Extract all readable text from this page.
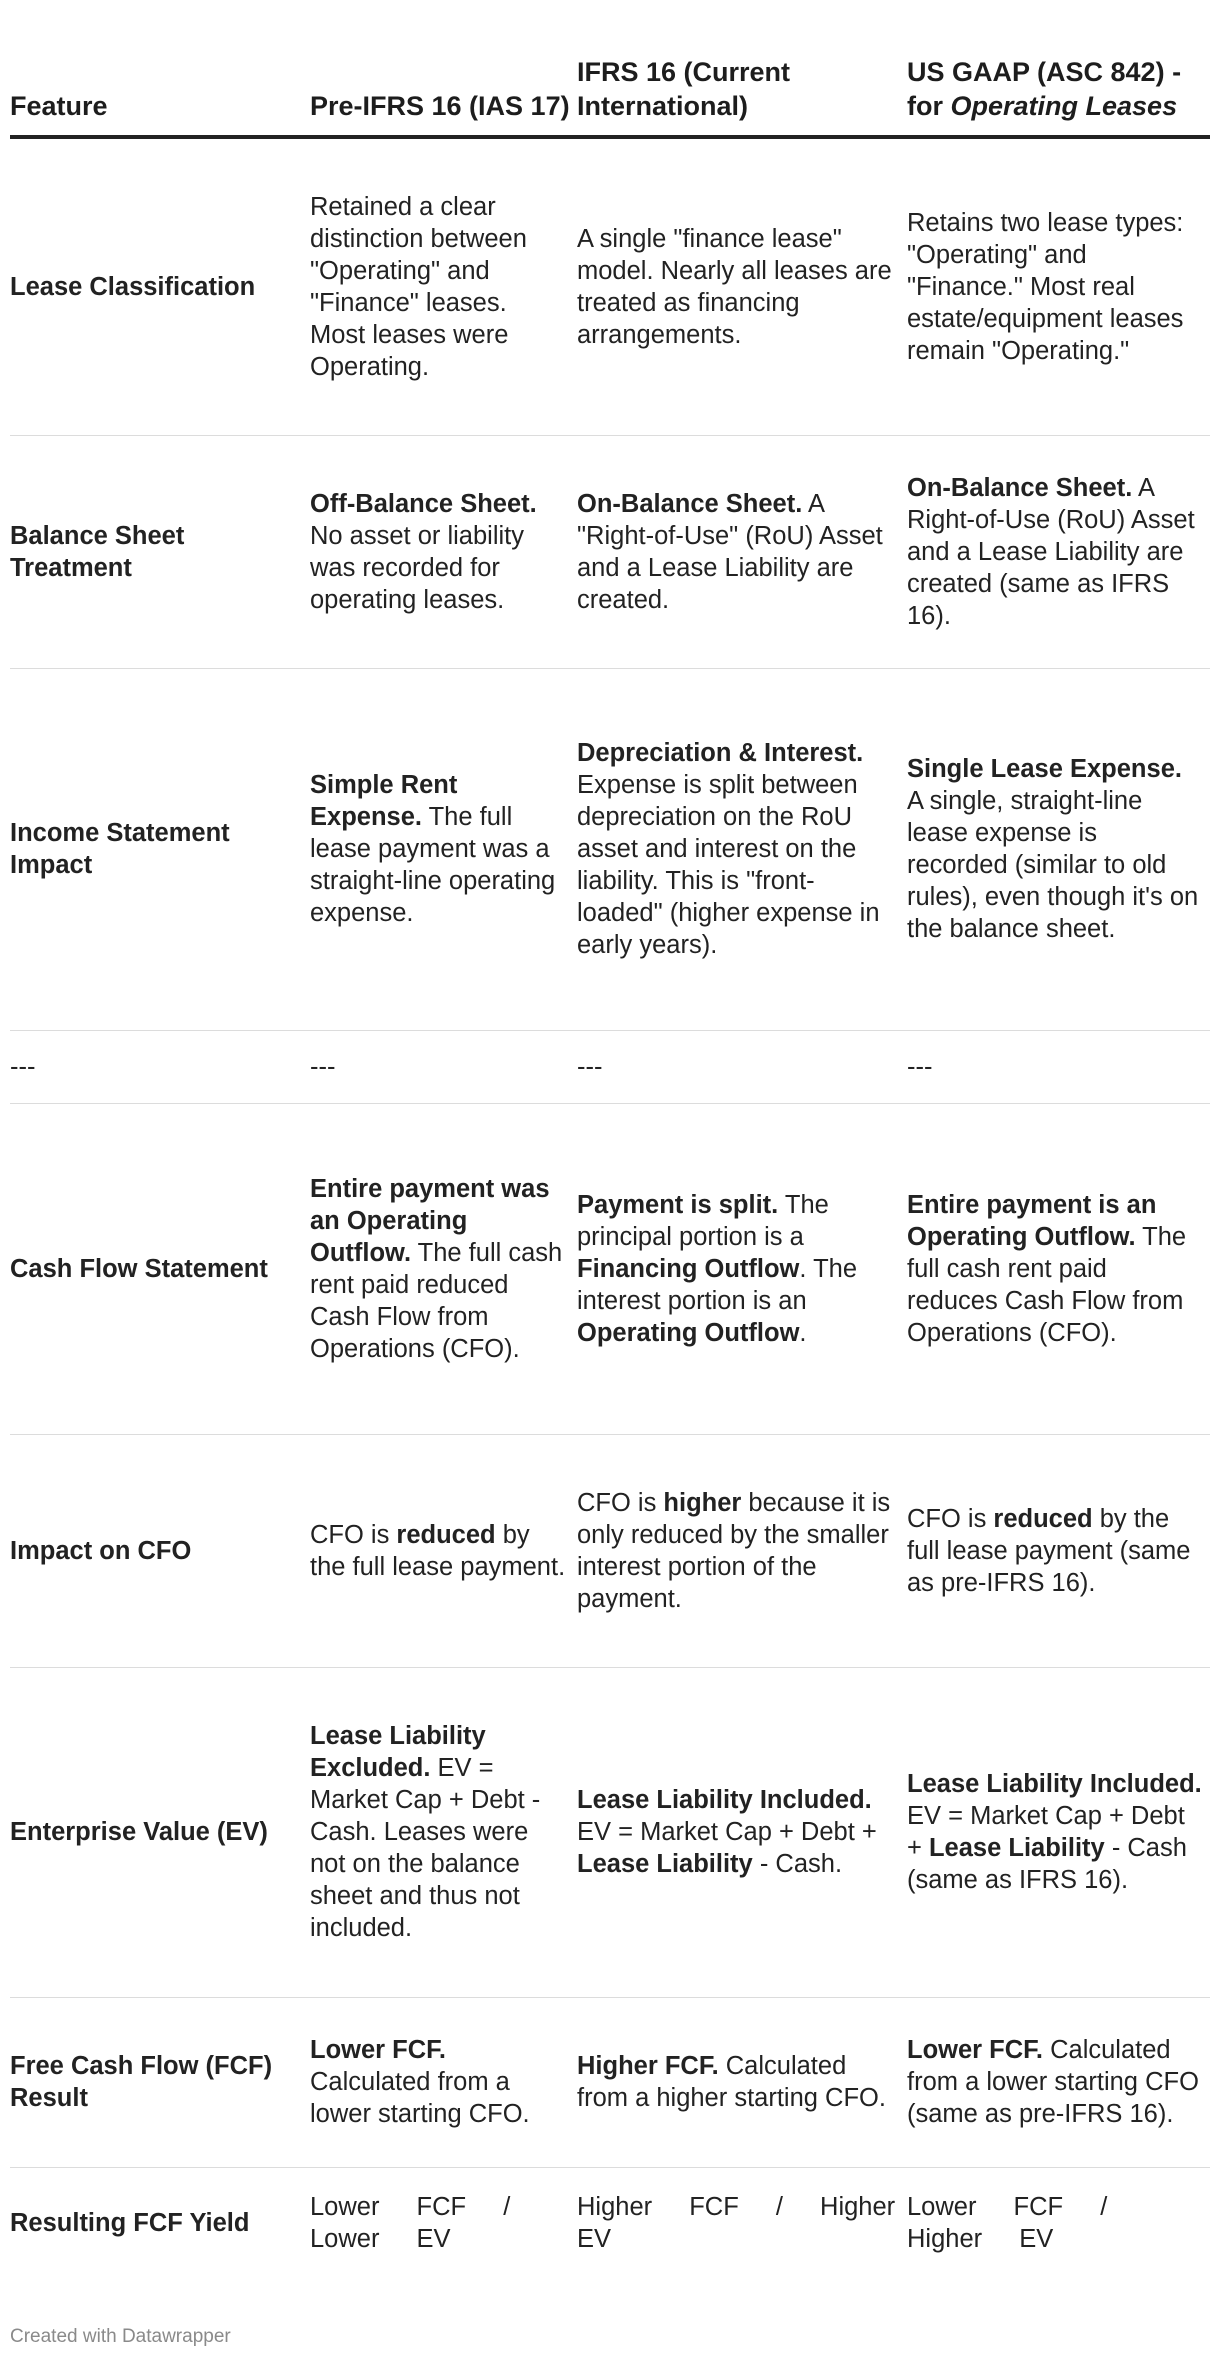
Feature	Pre-IFRS 16 (IAS 17)	IFRS 16 (Current International)	US GAAP (ASC 842) - for Operating Leases
Lease Classification	Retained a clear distinction between "Operating" and "Finance" leases. Most leases were Operating.	A single "finance lease" model. Nearly all leases are treated as financing arrangements.	Retains two lease types: "Operating" and "Finance." Most real estate/equipment leases remain "Operating."
Balance Sheet Treatment	Off-Balance Sheet. No asset or liability was recorded for operating leases.	On-Balance Sheet. A "Right-of-Use" (RoU) Asset and a Lease Liability are created.	On-Balance Sheet. A Right-of-Use (RoU) Asset and a Lease Liability are created (same as IFRS 16).
Income Statement Impact	Simple Rent Expense. The full lease payment was a straight-line operating expense.	Depreciation & Interest. Expense is split between depreciation on the RoU asset and interest on the liability. This is "front-loaded" (higher expense in early years).	Single Lease Expense. A single, straight-line lease expense is recorded (similar to old rules), even though it's on the balance sheet.
---	---	---	---
Cash Flow Statement	Entire payment was an Operating Outflow. The full cash rent paid reduced Cash Flow from Operations (CFO).	Payment is split. The principal portion is a Financing Outflow. The interest portion is an Operating Outflow.	Entire payment is an Operating Outflow. The full cash rent paid reduces Cash Flow from Operations (CFO).
Impact on CFO	CFO is reduced by the full lease payment.	CFO is higher because it is only reduced by the smaller interest portion of the payment.	CFO is reduced by the full lease payment (same as pre-IFRS 16).
Enterprise Value (EV)	Lease Liability Excluded. EV = Market Cap + Debt - Cash. Leases were not on the balance sheet and thus not included.	Lease Liability Included. EV = Market Cap + Debt + Lease Liability - Cash.	Lease Liability Included. EV = Market Cap + Debt + Lease Liability - Cash (same as IFRS 16).
Free Cash Flow (FCF) Result	Lower FCF. Calculated from a lower starting CFO.	Higher FCF. Calculated from a higher starting CFO.	Lower FCF. Calculated from a lower starting CFO (same as pre-IFRS 16).
Resulting FCF Yield	Lower FCF / Lower EV	Higher FCF / Higher EV	Lower FCF / Higher EV
Created with Datawrapper
